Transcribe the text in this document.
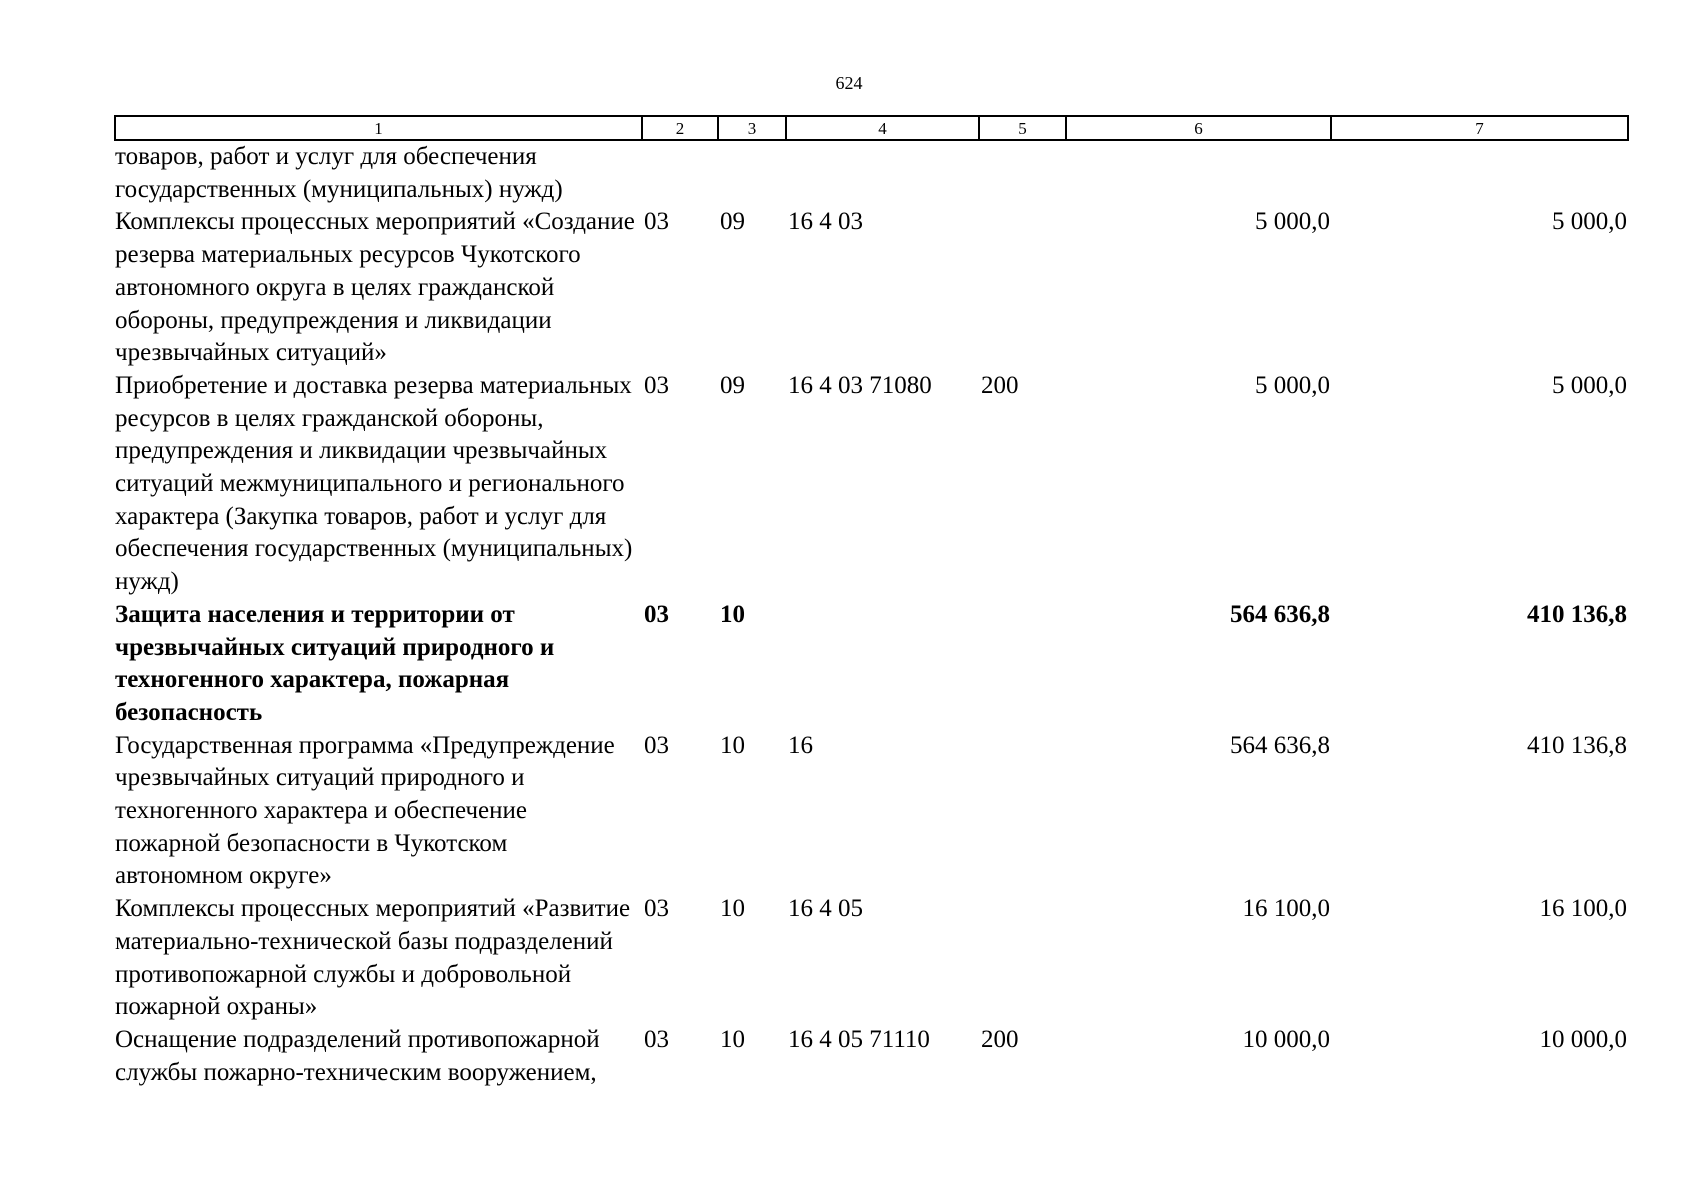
624
1	2	3	4	5	6	7
товаров, работ и услуг для обеспечения государственных (муниципальных) нужд)						
Комплексы процессных мероприятий «Создание резерва материальных ресурсов Чукотского автономного округа в целях гражданской обороны, предупреждения и ликвидации чрезвычайных ситуаций»	03	09	16 4 03		5 000,0	5 000,0
Приобретение и доставка резерва материальных ресурсов в целях гражданской обороны, предупреждения и ликвидации чрезвычайных ситуаций межмуниципального и регионального характера (Закупка товаров, работ и услуг для обеспечения государственных (муниципальных) нужд)	03	09	16 4 03 71080	200	5 000,0	5 000,0
Защита населения и территории от чрезвычайных ситуаций природного и техногенного характера, пожарная безопасность	03	10			564 636,8	410 136,8
Государственная программа «Предупреждение чрезвычайных ситуаций природного и техногенного характера и обеспечение пожарной безопасности в Чукотском автономном округе»	03	10	16		564 636,8	410 136,8
Комплексы процессных мероприятий «Развитие материально-технической базы подразделений противопожарной службы и добровольной пожарной охраны»	03	10	16 4 05		16 100,0	16 100,0
Оснащение подразделений противопожарной службы пожарно-техническим вооружением,	03	10	16 4 05 71110	200	10 000,0	10 000,0
